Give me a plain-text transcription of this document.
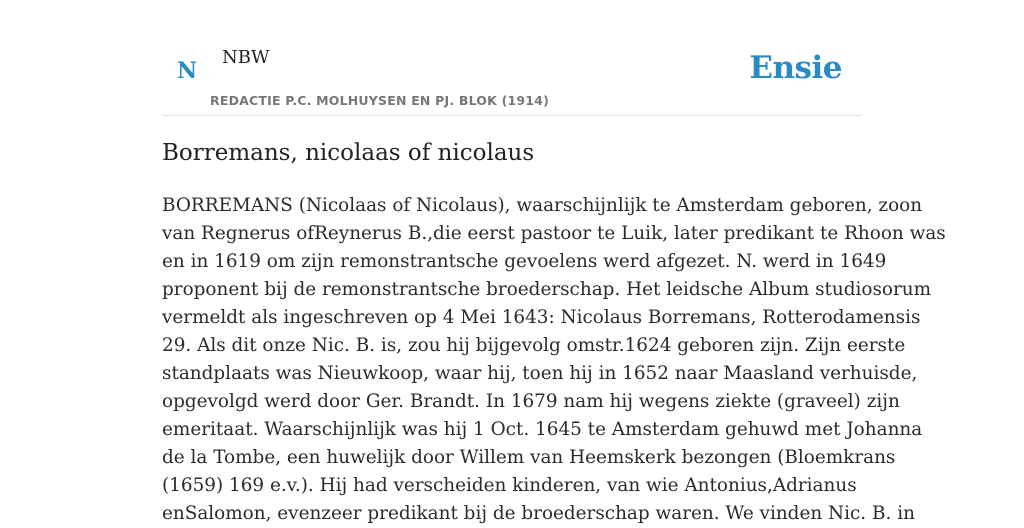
N
NBW	Ensie
REDACTIE P.C. MOLHUYSEN EN PJ. BLOK (1914)
Borremans, nicolaas of nicolaus
BORREMANS (Nicolaas of Nicolaus), waarschijnlijk te Amsterdam geboren, zoon
van Regnerus ofReynerus B.,die eerst pastoor te Luik, later predikant te Rhoon was
en in 1619 om zijn remonstrantsche gevoelens werd afgezet. N. werd in 1649
proponent bij de remonstrantsche broederschap. Het leidsche Album studiosorum
vermeldt als ingeschreven op 4 Mei 1643: Nicolaus Borremans, Rotterodamensis
29. Als dit onze Nic. B. is, zou hij bijgevolg omstr.1624 geboren zijn. Zijn eerste
standplaats was Nieuwkoop, waar hij, toen hij in 1652 naar Maasland verhuisde,
opgevolgd werd door Ger. Brandt. In 1679 nam hij wegens ziekte (graveel) zijn
emeritaat. Waarschijnlijk was hij 1 Oct. 1645 te Amsterdam gehuwd met Johanna
de la Tombe, een huwelijk door Willem van Heemskerk bezongen (Bloemkrans
(1659) 169 e.v.). Hij had verscheiden kinderen, van wie Antonius,Adrianus
enSalomon, evenzeer predikant bij de broederschap waren. We vinden Nic. B. in
